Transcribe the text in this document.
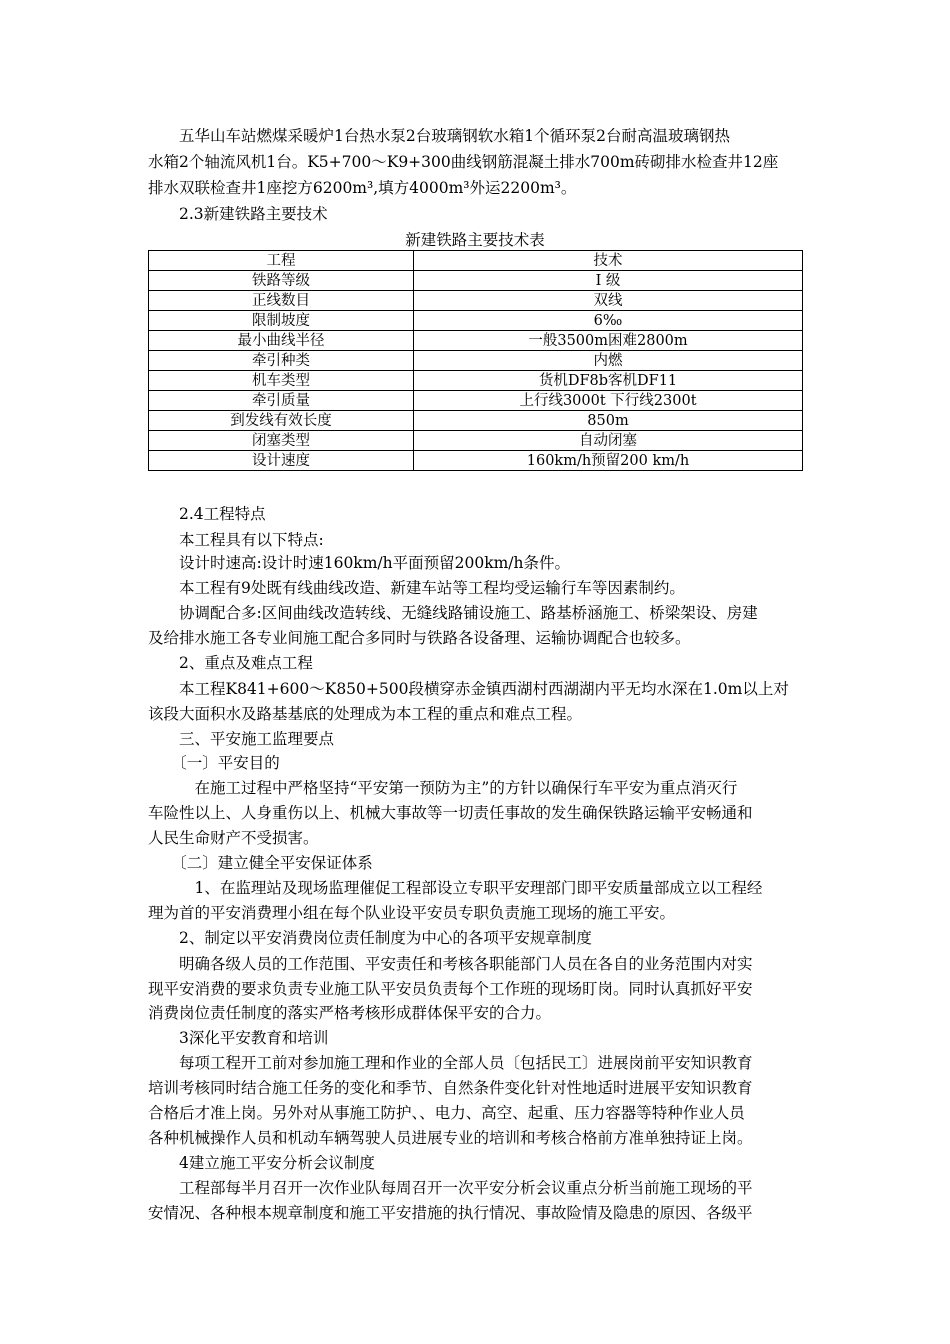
　　五华山车站燃煤采暖炉1台热水泵2台玻璃钢软水箱1个循环泵2台耐高温玻璃钢热

水箱2个轴流风机1台。K5+700～K9+300曲线钢筋混凝土排水700m砖砌排水检查井12座

排水双联检查井1座挖方6200m³,填方4000m³外运2200m³。

　　2.3新建铁路主要技术

新建铁路主要技术表
工程	技术
铁路等级	Ⅰ 级
正线数目	双线
限制坡度	6‰
最小曲线半径	一般3500m困难2800m
牵引种类	内燃
机车类型	货机DF8b客机DF11
牵引质量	上行线3000t 下行线2300t
到发线有效长度	850m
闭塞类型	自动闭塞
设计速度	160km/h预留200 km/h

　　2.4工程特点

　　本工程具有以下特点:

　　设计时速高:设计时速160km/h平面预留200km/h条件。

　　本工程有9处既有线曲线改造、新建车站等工程均受运输行车等因素制约。

　　协调配合多:区间曲线改造转线、无缝线路铺设施工、路基桥涵施工、桥梁架设、房建

及给排水施工各专业间施工配合多同时与铁路各设备理、运输协调配合也较多。

　　2、重点及难点工程

　　本工程K841+600～K850+500段横穿赤金镇西湖村西湖湖内平无均水深在1.0m以上对

该段大面积水及路基基底的处理成为本工程的重点和难点工程。

　　三、平安施工监理要点

　　〔一〕平安目的

　　　在施工过程中严格坚持“平安第一预防为主”的方针以确保行车平安为重点消灭行

车险性以上、人身重伤以上、机械大事故等一切责任事故的发生确保铁路运输平安畅通和

人民生命财产不受损害。

　　〔二〕建立健全平安保证体系

　　　1、在监理站及现场监理催促工程部设立专职平安理部门即平安质量部成立以工程经

理为首的平安消费理小组在每个队业设平安员专职负责施工现场的施工平安。

　　2、制定以平安消费岗位责任制度为中心的各项平安规章制度

　　明确各级人员的工作范围、平安责任和考核各职能部门人员在各自的业务范围内对实

现平安消费的要求负责专业施工队平安员负责每个工作班的现场盯岗。同时认真抓好平安

消费岗位责任制度的落实严格考核形成群体保平安的合力。

　　3深化平安教育和培训

　　每项工程开工前对参加施工理和作业的全部人员〔包括民工〕进展岗前平安知识教育

培训考核同时结合施工任务的变化和季节、自然条件变化针对性地适时进展平安知识教育

合格后才准上岗。另外对从事施工防护、、电力、高空、起重、压力容器等特种作业人员

各种机械操作人员和机动车辆驾驶人员进展专业的培训和考核合格前方准单独持证上岗。

　　4建立施工平安分析会议制度

　　工程部每半月召开一次作业队每周召开一次平安分析会议重点分析当前施工现场的平

安情况、各种根本规章制度和施工平安措施的执行情况、事故险情及隐患的原因、各级平
